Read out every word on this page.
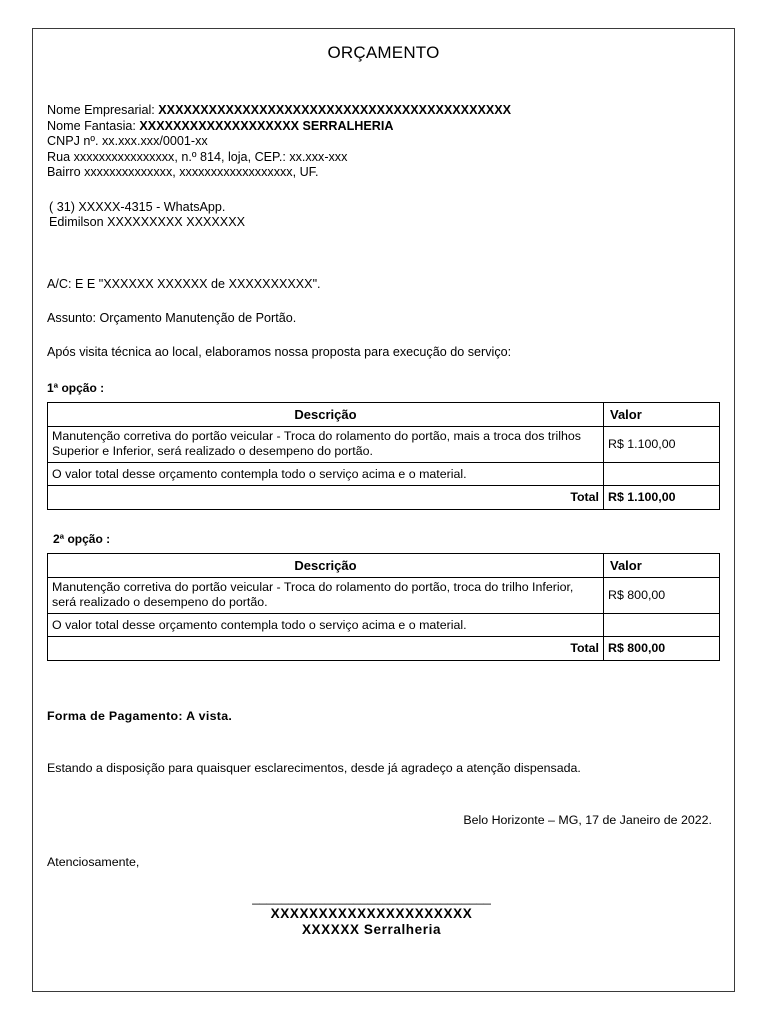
ORÇAMENTO
Nome Empresarial: XXXXXXXXXXXXXXXXXXXXXXXXXXXXXXXXXXXXXXXXXX
Nome Fantasia: XXXXXXXXXXXXXXXXXXX SERRALHERIA
CNPJ nº. xx.xxx.xxx/0001-xx
Rua xxxxxxxxxxxxxxxx, n.º 814, loja, CEP.: xx.xxx-xxx
Bairro xxxxxxxxxxxxxx, xxxxxxxxxxxxxxxxxx, UF.
( 31) XXXXX-4315 - WhatsApp.
Edimilson XXXXXXXXX XXXXXXX
A/C: E E "XXXXXX XXXXXX de XXXXXXXXXX".
Assunto: Orçamento Manutenção de Portão.
Após visita técnica ao local, elaboramos nossa proposta para execução do serviço:
1ª opção :
Descrição	Valor
Manutenção corretiva do portão veicular - Troca do rolamento do portão, mais a troca dos trilhos Superior e Inferior, será realizado o desempeno do portão.	R$ 1.100,00
O valor total desse orçamento contempla todo o serviço acima e o material.	
Total	R$ 1.100,00
2ª opção :
Descrição	Valor
Manutenção corretiva do portão veicular - Troca do rolamento do portão, troca do trilho Inferior, será realizado o desempeno do portão.	R$ 800,00
O valor total desse orçamento contempla todo o serviço acima e o material.	
Total	R$ 800,00
Forma de Pagamento: A vista.
Estando a disposição para quaisquer esclarecimentos, desde já agradeço a atenção dispensada.
Belo Horizonte – MG, 17 de Janeiro de 2022.
Atenciosamente,
_________________________________
XXXXXXXXXXXXXXXXXXXXX
XXXXXX Serralheria
